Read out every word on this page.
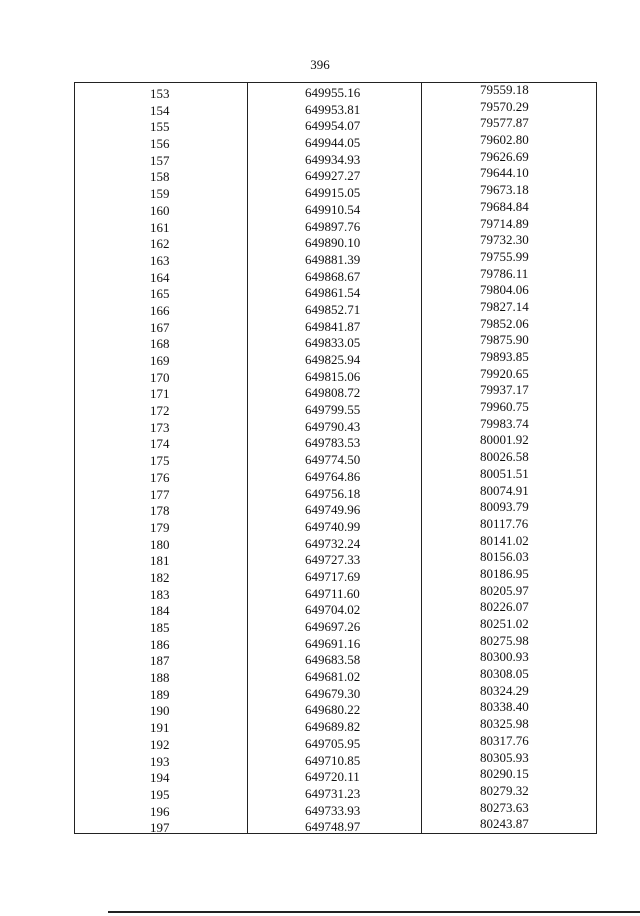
396
153	649955.16	79559.18
154	649953.81	79570.29
155	649954.07	79577.87
156	649944.05	79602.80
157	649934.93	79626.69
158	649927.27	79644.10
159	649915.05	79673.18
160	649910.54	79684.84
161	649897.76	79714.89
162	649890.10	79732.30
163	649881.39	79755.99
164	649868.67	79786.11
165	649861.54	79804.06
166	649852.71	79827.14
167	649841.87	79852.06
168	649833.05	79875.90
169	649825.94	79893.85
170	649815.06	79920.65
171	649808.72	79937.17
172	649799.55	79960.75
173	649790.43	79983.74
174	649783.53	80001.92
175	649774.50	80026.58
176	649764.86	80051.51
177	649756.18	80074.91
178	649749.96	80093.79
179	649740.99	80117.76
180	649732.24	80141.02
181	649727.33	80156.03
182	649717.69	80186.95
183	649711.60	80205.97
184	649704.02	80226.07
185	649697.26	80251.02
186	649691.16	80275.98
187	649683.58	80300.93
188	649681.02	80308.05
189	649679.30	80324.29
190	649680.22	80338.40
191	649689.82	80325.98
192	649705.95	80317.76
193	649710.85	80305.93
194	649720.11	80290.15
195	649731.23	80279.32
196	649733.93	80273.63
197	649748.97	80243.87
